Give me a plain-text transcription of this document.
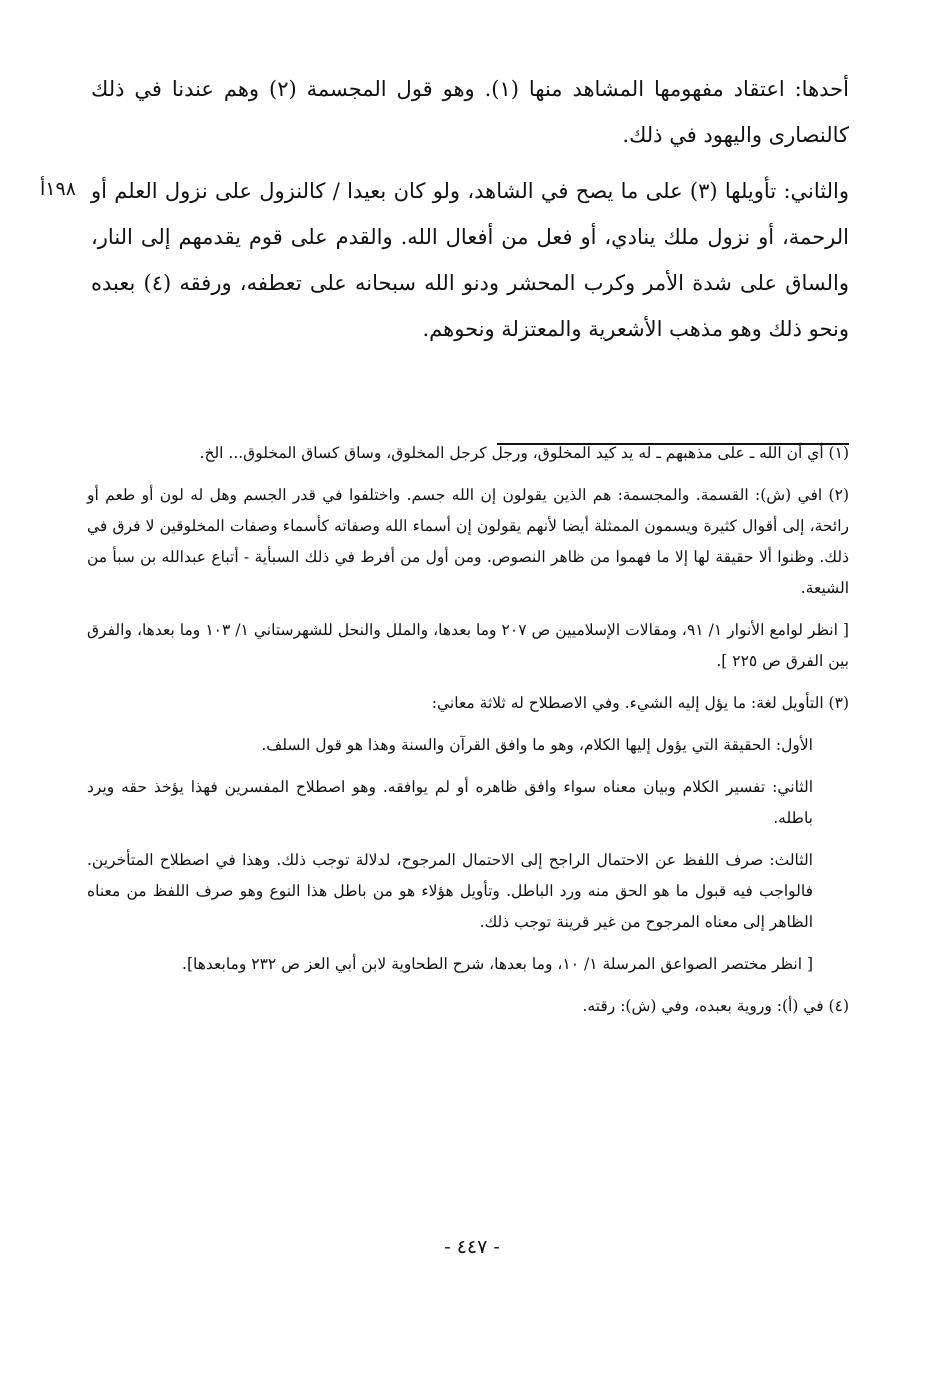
أحدها: اعتقاد مفهومها المشاهد منها (١). وهو قول المجسمة (٢) وهم عندنا في ذلك كالنصارى واليهود في ذلك.

والثاني: تأويلها (٣) على ما يصح في الشاهد، ولو كان بعيدا / كالنزول على نزول العلم أو الرحمة، أو نزول ملك ينادي، أو فعل من أفعال الله. والقدم على قوم يقدمهم إلى النار، والساق على شدة الأمر وكرب المحشر ودنو الله سبحانه على تعطفه، ورفقه (٤) بعبده ونحو ذلك وهو مذهب الأشعرية والمعتزلة ونحوهم.

١٩٨أ

(١) أي أن الله ـ على مذهبهم ـ له يد كيد المخلوق، ورجل كرجل المخلوق، وساق كساق المخلوق... الخ.

(٢) افي (ش): القسمة. والمجسمة: هم الذين يقولون إن الله جسم. واختلفوا في قدر الجسم وهل له لون أو طعم أو رائحة، إلى أقوال كثيرة ويسمون الممثلة أيضا لأنهم يقولون إن أسماء الله وصفاته كأسماء وصفات المخلوقين لا فرق في ذلك. وظنوا ألا حقيقة لها إلا ما فهموا من ظاهر النصوص. ومن أول من أفرط في ذلك السبأية - أتباع عبدالله بن سبأ من الشيعة.

[ انظر لوامع الأنوار ١/ ٩١، ومقالات الإسلاميين ص ٢٠٧ وما بعدها، والملل والنحل للشهرستاني ١/ ١٠٣ وما بعدها، والفرق بين الفرق ص ٢٢٥ ].

(٣) التأويل لغة: ما يؤل إليه الشيء. وفي الاصطلاح له ثلاثة معاني:

الأول: الحقيقة التي يؤول إليها الكلام، وهو ما وافق القرآن والسنة وهذا هو قول السلف.

الثاني: تفسير الكلام وبيان معناه سواء وافق ظاهره أو لم يوافقه. وهو اصطلاح المفسرين فهذا يؤخذ حقه ويرد باطله.

الثالث: صرف اللفظ عن الاحتمال الراجح إلى الاحتمال المرجوح، لدلالة توجب ذلك. وهذا في اصطلاح المتأخرين. فالواجب فيه قبول ما هو الحق منه ورد الباطل. وتأويل هؤلاء هو من باطل هذا النوع وهو صرف اللفظ من معناه الظاهر إلى معناه المرجوح من غير قرينة توجب ذلك.

[ انظر مختصر الصواعق المرسلة ١/ ١٠، وما بعدها، شرح الطحاوية لابن أبي العز ص ٢٣٢ ومابعدها].

(٤) في (أ): وروية بعبده، وفي (ش): رقته.

- ٤٤٧ -
